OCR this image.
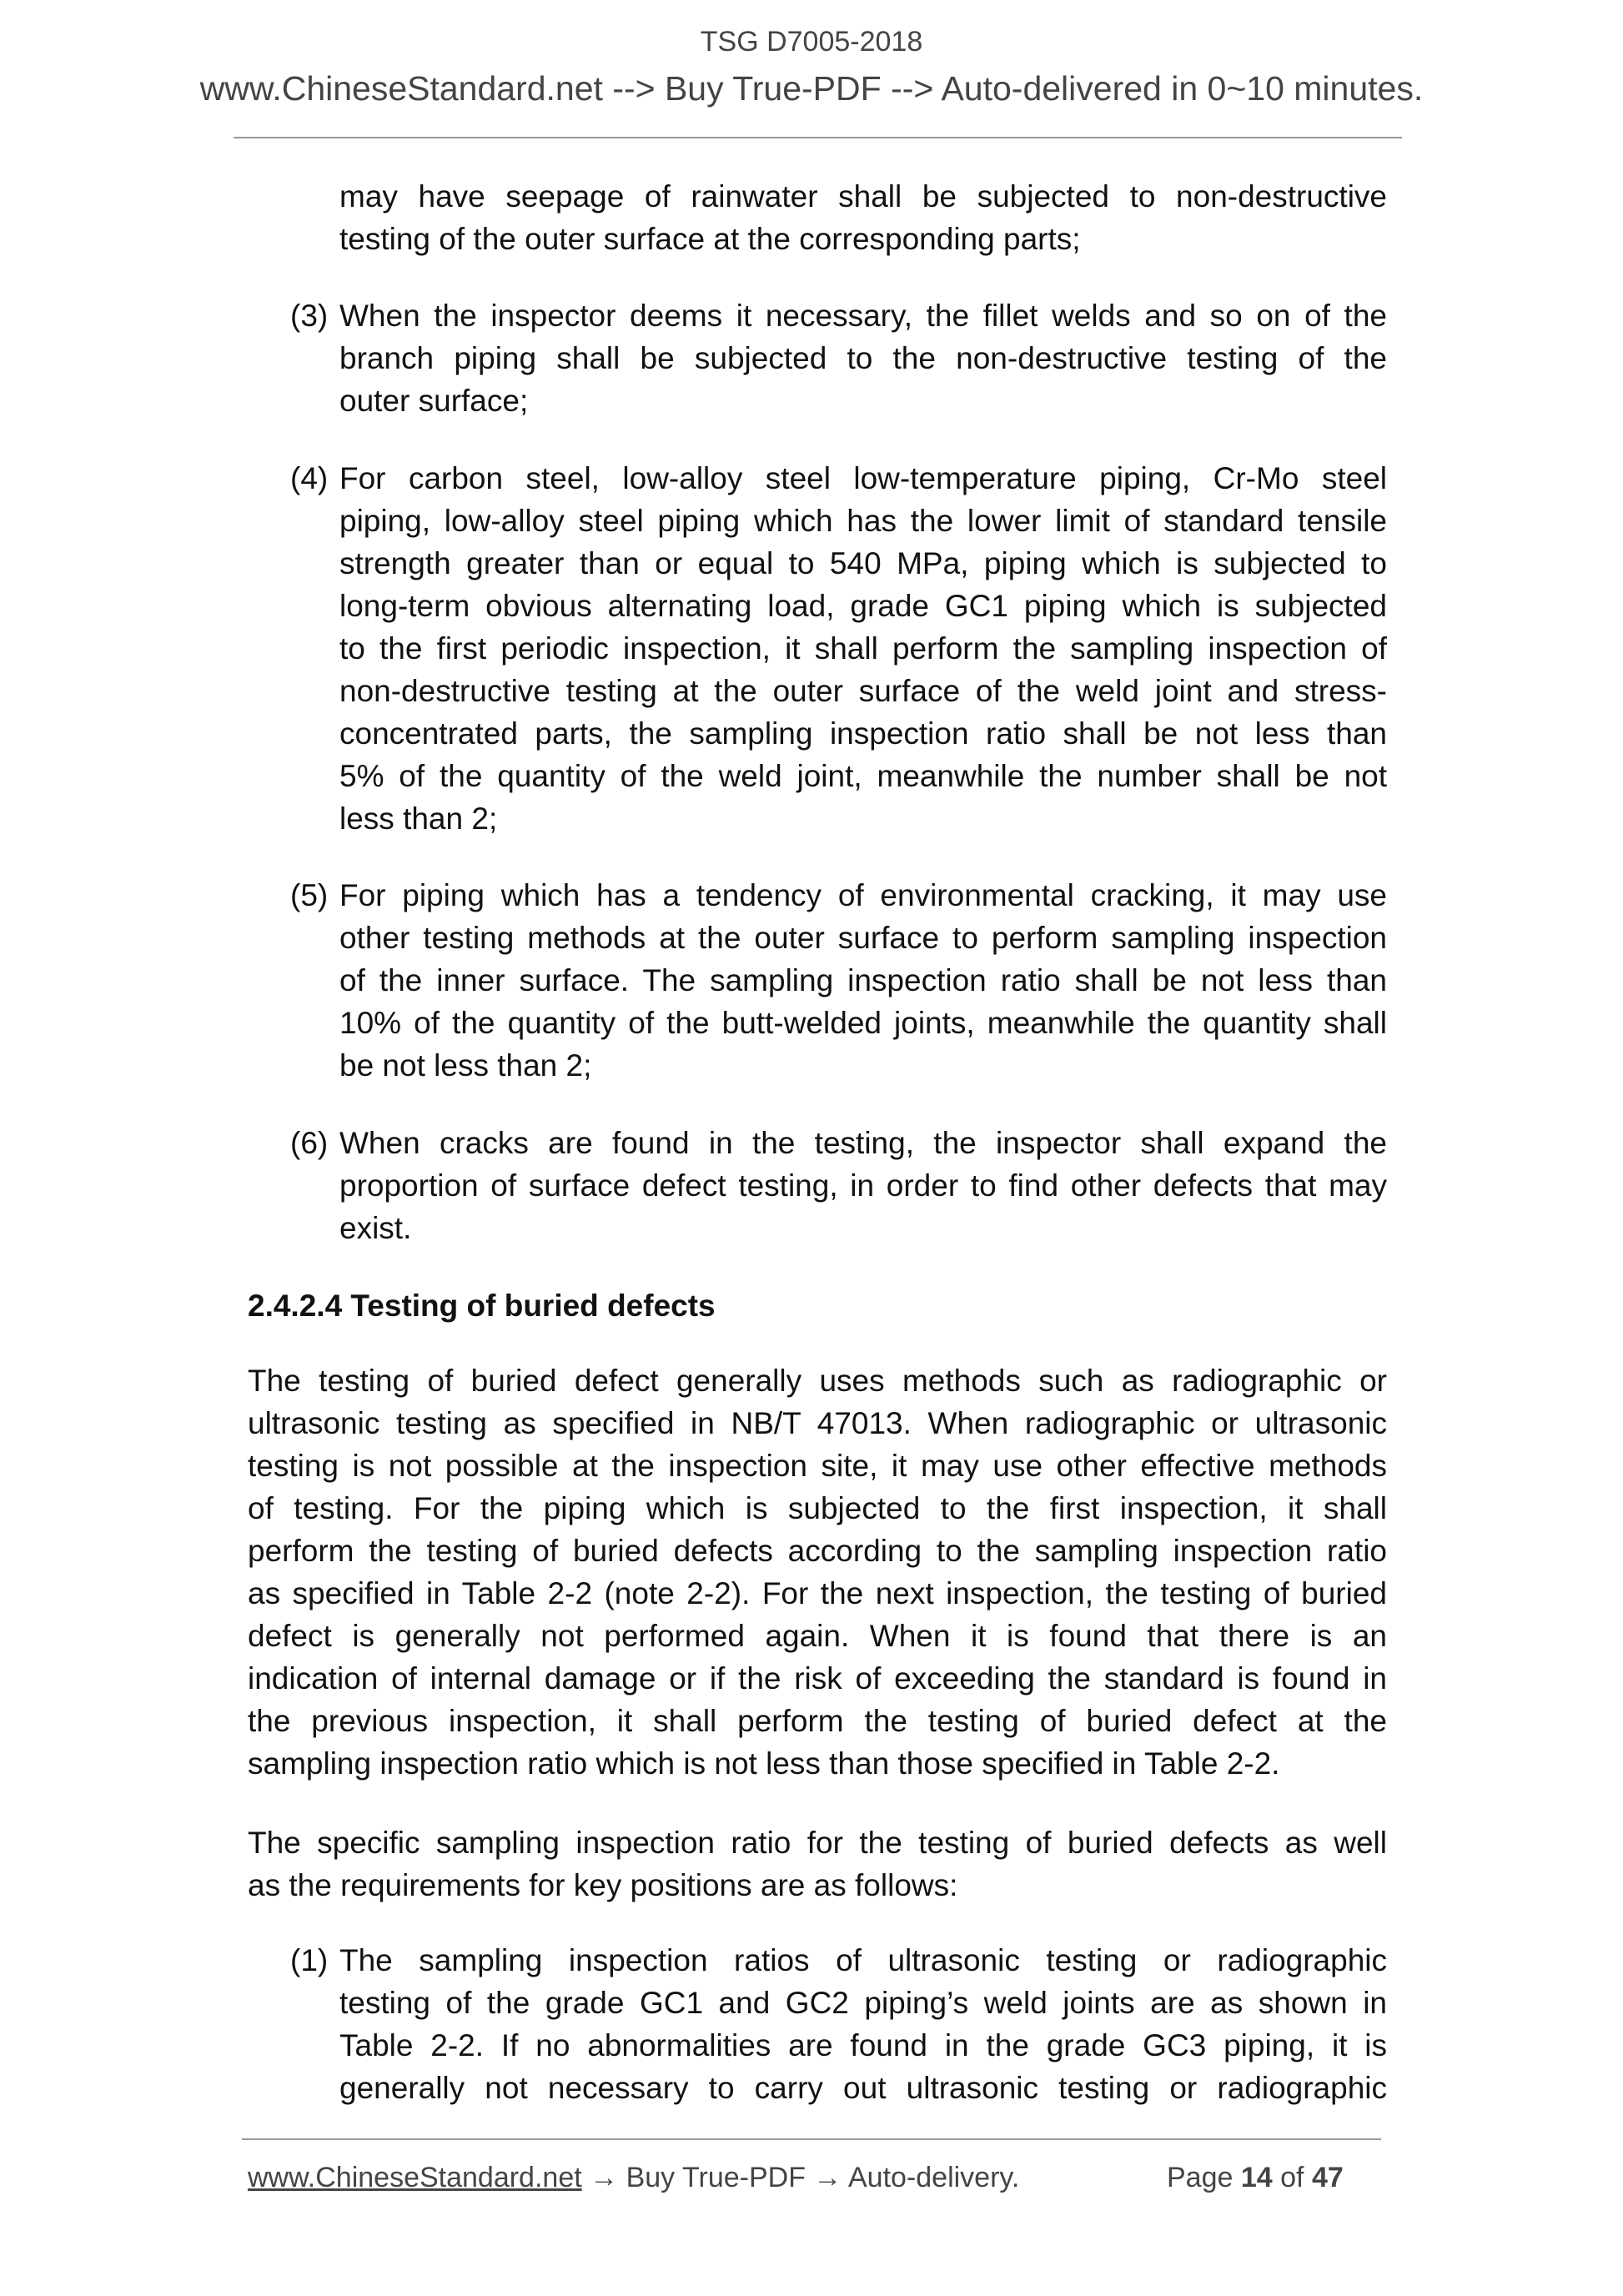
TSG D7005-2018
www.ChineseStandard.net --> Buy True-PDF --> Auto-delivered in 0~10 minutes.
may have seepage of rainwater shall be subjected to non-destructive
testing of the outer surface at the corresponding parts;
(3) When the inspector deems it necessary, the fillet welds and so on of the
branch piping shall be subjected to the non-destructive testing of the
outer surface;
(4) For carbon steel, low-alloy steel low-temperature piping, Cr-Mo steel
piping, low-alloy steel piping which has the lower limit of standard tensile
strength greater than or equal to 540 MPa, piping which is subjected to
long-term obvious alternating load, grade GC1 piping which is subjected
to the first periodic inspection, it shall perform the sampling inspection of
non-destructive testing at the outer surface of the weld joint and stress-
concentrated parts, the sampling inspection ratio shall be not less than
5% of the quantity of the weld joint, meanwhile the number shall be not
less than 2;
(5) For piping which has a tendency of environmental cracking, it may use
other testing methods at the outer surface to perform sampling inspection
of the inner surface. The sampling inspection ratio shall be not less than
10% of the quantity of the butt-welded joints, meanwhile the quantity shall
be not less than 2;
(6) When cracks are found in the testing, the inspector shall expand the
proportion of surface defect testing, in order to find other defects that may
exist.
2.4.2.4 Testing of buried defects
The testing of buried defect generally uses methods such as radiographic or
ultrasonic testing as specified in NB/T 47013. When radiographic or ultrasonic
testing is not possible at the inspection site, it may use other effective methods
of testing. For the piping which is subjected to the first inspection, it shall
perform the testing of buried defects according to the sampling inspection ratio
as specified in Table 2-2 (note 2-2). For the next inspection, the testing of buried
defect is generally not performed again. When it is found that there is an
indication of internal damage or if the risk of exceeding the standard is found in
the previous inspection, it shall perform the testing of buried defect at the
sampling inspection ratio which is not less than those specified in Table 2-2.
The specific sampling inspection ratio for the testing of buried defects as well
as the requirements for key positions are as follows:
(1) The sampling inspection ratios of ultrasonic testing or radiographic
testing of the grade GC1 and GC2 piping’s weld joints are as shown in
Table 2-2. If no abnormalities are found in the grade GC3 piping, it is
generally not necessary to carry out ultrasonic testing or radiographic
www.ChineseStandard.net → Buy True-PDF → Auto-delivery.	Page 14 of 47
